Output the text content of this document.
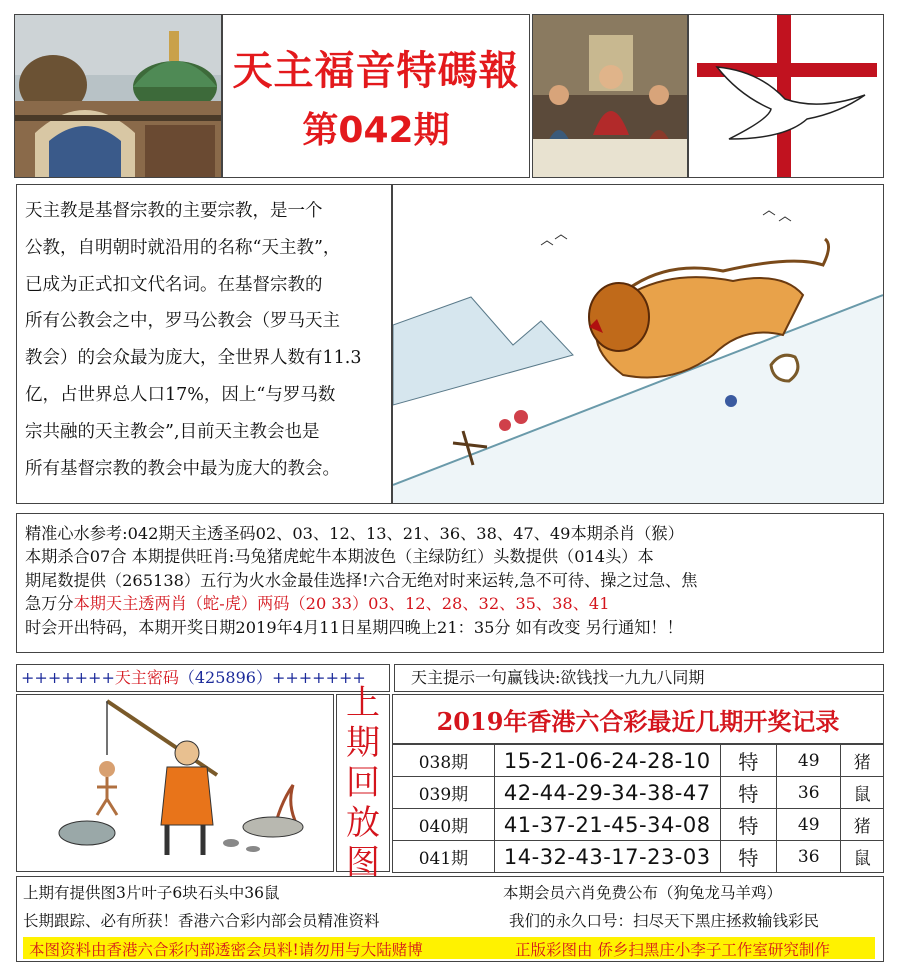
天主福音特碼報
第042期
天主教是基督宗教的主要宗教，是一个
公教，自明朝时就沿用的名称“天主教”，
已成为正式扣文代名词。在基督宗教的
所有公教会之中，罗马公教会（罗马天主
教会）的会众最为庞大，全世界人数有11.3
亿，占世界总人口17%，因上“与罗马数
宗共融的天主教会”,目前天主教会也是
所有基督宗教的教会中最为庞大的教会。
精准心水参考:042期天主透圣码02、03、12、13、21、36、38、47、49本期杀肖（猴）
本期杀合07合 本期提供旺肖:马兔猪虎蛇牛本期波色（主绿防红）头数提供（014头）本
期尾数提供（265138）五行为火水金最佳选择!六合无绝对时来运转,急不可待、操之过急、焦
急万分本期天主透两肖（蛇-虎）两码（20 33）03、12、28、32、35、38、41
时会开出特码，本期开奖日期2019年4月11日星期四晚上21：35分 如有改变 另行通知！！
+++++++天主密码（425896）+++++++	天主提示一句赢钱诀:欲钱找一九九八同期
上
期
回
放
图
2019年香港六合彩最近几期开奖记录
038期	15-21-06-24-28-10	特	49	猪
039期	42-44-29-34-38-47	特	36	鼠
040期	41-37-21-45-34-08	特	49	猪
041期	14-32-43-17-23-03	特	36	鼠
上期有提供图3片叶子6块石头中36鼠	本期会员六肖免费公布（狗兔龙马羊鸡）
长期跟踪、必有所获！香港六合彩内部会员精准资料	我们的永久口号：扫尽天下黑庄拯救输钱彩民
本图资料由香港六合彩内部透密会员料!请勿用与大陆赌博	正版彩图由 侨乡扫黑庄小李子工作室研究制作
